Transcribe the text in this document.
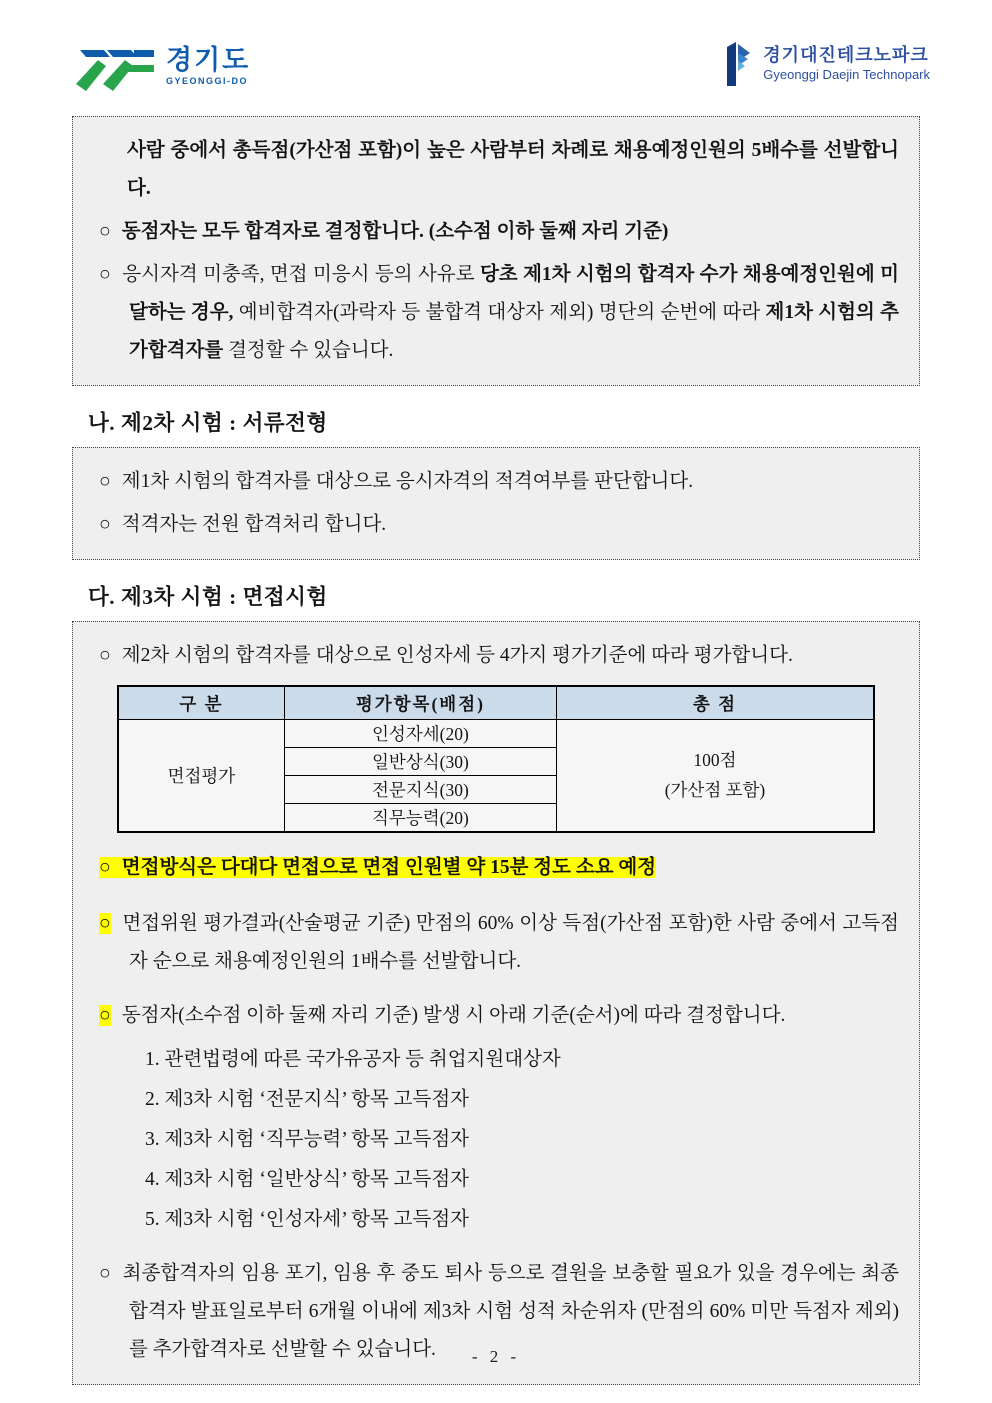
경기도
GYEONGGI-DO
경기대진테크노파크
Gyeonggi Daejin Technopark

사람 중에서 총득점(가산점 포함)이 높은 사람부터 차례로 채용예정인원의 5배수를 선발합니다.

○ 동점자는 모두 합격자로 결정합니다. (소수점 이하 둘째 자리 기준)

○ 응시자격 미충족, 면접 미응시 등의 사유로 당초 제1차 시험의 합격자 수가 채용예정인원에 미달하는 경우, 예비합격자(과락자 등 불합격 대상자 제외) 명단의 순번에 따라 제1차 시험의 추가합격자를 결정할 수 있습니다.

나. 제2차 시험 : 서류전형

○ 제1차 시험의 합격자를 대상으로 응시자격의 적격여부를 판단합니다.

○ 적격자는 전원 합격처리 합니다.

다. 제3차 시험 : 면접시험

○ 제2차 시험의 합격자를 대상으로 인성자세 등 4가지 평가기준에 따라 평가합니다.

구 분	평가항목(배점)	총 점
면접평가	인성자세(20)	100점
(가산점 포함)

	일반상식(30)	
	전문지식(30)	
	직무능력(20)	

○ 면접방식은 다대다 면접으로 면접 인원별 약 15분 정도 소요 예정

○ 면접위원 평가결과(산술평균 기준) 만점의 60% 이상 득점(가산점 포함)한 사람 중에서 고득점자 순으로 채용예정인원의 1배수를 선발합니다.

○ 동점자(소수점 이하 둘째 자리 기준) 발생 시 아래 기준(순서)에 따라 결정합니다.

1. 관련법령에 따른 국가유공자 등 취업지원대상자

2. 제3차 시험 ‘전문지식’ 항목 고득점자

3. 제3차 시험 ‘직무능력’ 항목 고득점자

4. 제3차 시험 ‘일반상식’ 항목 고득점자

5. 제3차 시험 ‘인성자세’ 항목 고득점자

○ 최종합격자의 임용 포기, 임용 후 중도 퇴사 등으로 결원을 보충할 필요가 있을 경우에는 최종합격자 발표일로부터 6개월 이내에 제3차 시험 성적 차순위자 (만점의 60% 미만 득점자 제외)를 추가합격자로 선발할 수 있습니다.	- 2 -
